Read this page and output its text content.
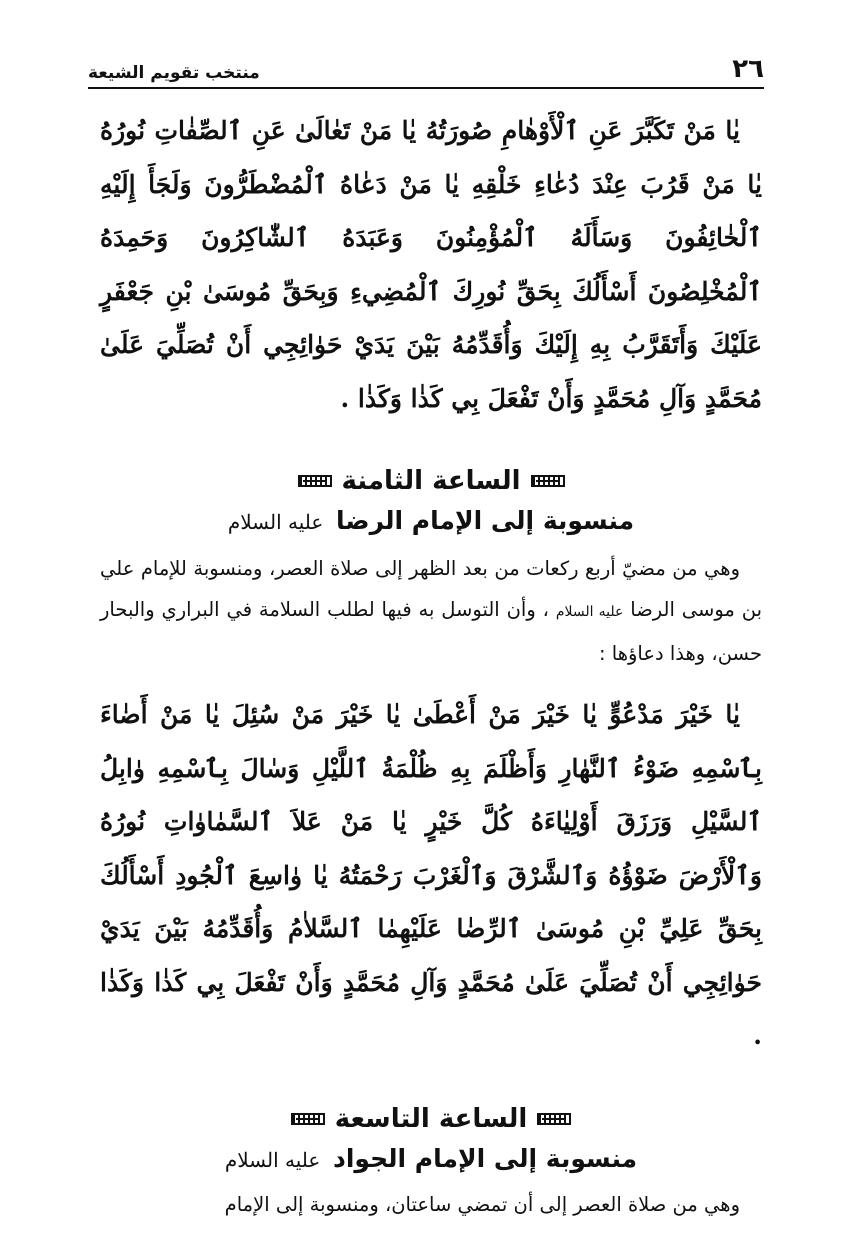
٢٦
منتخب تقويم الشيعة

يٰا مَنْ تَكَبَّرَ عَنِ ٱلْأَوْهٰامِ صُورَتُهُ يٰا مَنْ تَعٰالَىٰ عَنِ ٱلصِّفٰاتِ نُورُهُ يٰا مَنْ قَرُبَ عِنْدَ دُعٰاءِ خَلْقِهِ يٰا مَنْ دَعٰاهُ ٱلْمُضْطَرُّونَ وَلَجَأَ إِلَيْهِ ٱلْخٰائِفُونَ وَسَأَلَهُ ٱلْمُؤْمِنُونَ وَعَبَدَهُ ٱلشّٰاكِرُونَ وَحَمِدَهُ ٱلْمُخْلِصُونَ أَسْأَلُكَ بِحَقِّ نُورِكَ ٱلْمُضِيءِ وَبِحَقِّ مُوسَىٰ بْنِ جَعْفَرٍ عَلَيْكَ وَأَتَقَرَّبُ بِهِ إِلَيْكَ وَأُقَدِّمُهُ بَيْنَ يَدَيْ حَوٰائِجِي أَنْ تُصَلِّيَ عَلَىٰ مُحَمَّدٍ وَآلِ مُحَمَّدٍ وَأَنْ تَفْعَلَ بِي كَذٰا وَكَذٰا .

الساعة الثامنة
منسوبة إلى الإمام الرضا عليه السلام

وهي من مضيّ أربع ركعات من بعد الظهر إلى صلاة العصر، ومنسوبة للإمام علي بن موسى الرضا عليه السلام ، وأن التوسل به فيها لطلب السلامة في البراري والبحار حسن، وهذا دعاؤها :

يٰا خَيْرَ مَدْعُوٍّ يٰا خَيْرَ مَنْ أَعْطَىٰ يٰا خَيْرَ مَنْ سُئِلَ يٰا مَنْ أَضٰاءَ بِٱسْمِهِ ضَوْءُ ٱلنَّهٰارِ وَأَظْلَمَ بِهِ ظُلْمَةُ ٱللَّيْلِ وَسٰالَ بِٱسْمِهِ وٰابِلُ ٱلسَّيْلِ وَرَزَقَ أَوْلِيٰاءَهُ كُلَّ خَيْرٍ يٰا مَنْ عَلاَ ٱلسَّمٰاوٰاتِ نُورُهُ وَٱلْأَرْضَ ضَوْؤُهُ وَٱلشَّرْقَ وَٱلْغَرْبَ رَحْمَتُهُ يٰا وٰاسِعَ ٱلْجُودِ أَسْأَلُكَ بِحَقِّ عَلِيِّ بْنِ مُوسَىٰ ٱلرِّضٰا عَلَيْهِمٰا ٱلسَّلاٰمُ وَأُقَدِّمُهُ بَيْنَ يَدَيْ حَوٰائِجِي أَنْ تُصَلِّيَ عَلَىٰ مُحَمَّدٍ وَآلِ مُحَمَّدٍ وَأَنْ تَفْعَلَ بِي كَذٰا وَكَذٰا .

الساعة التاسعة
منسوبة إلى الإمام الجواد عليه السلام

وهي من صلاة العصر إلى أن تمضي ساعتان، ومنسوبة إلى الإمام
